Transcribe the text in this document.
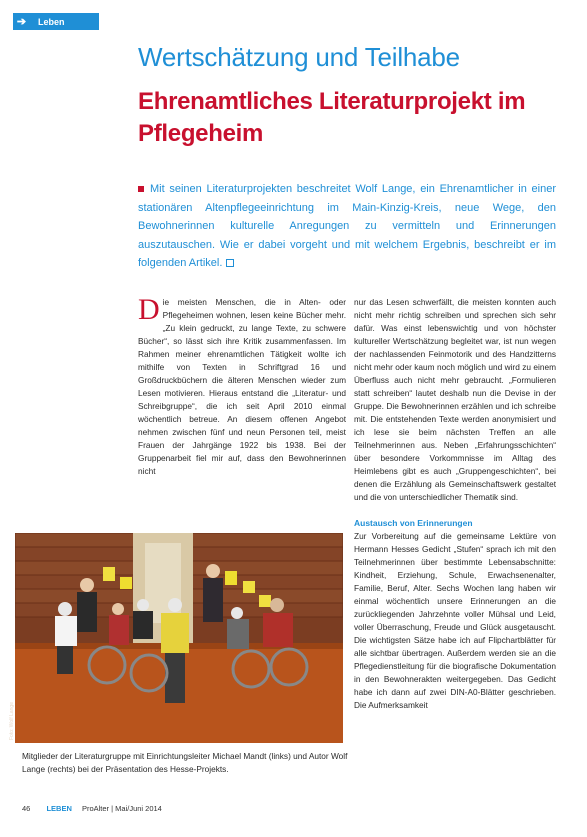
➔	Leben
Wertschätzung und Teilhabe
Ehrenamtliches Literaturprojekt im Pflegeheim
Mit seinen Literaturprojekten beschreitet Wolf Lange, ein Ehrenamtlicher in einer stationären Altenpflegeeinrichtung im Main-Kinzig-Kreis, neue Wege, den Bewohnerinnen kulturelle Anregungen zu vermitteln und Erinnerungen auszutauschen. Wie er dabei vorgeht und mit welchem Ergebnis, beschreibt er im folgenden Artikel.
Die meisten Menschen, die in Alten- oder Pflegeheimen wohnen, lesen keine Bücher mehr. „Zu klein gedruckt, zu lange Texte, zu schwere Bücher“, so lässt sich ihre Kritik zusammenfassen. Im Rahmen meiner ehrenamtlichen Tätigkeit wollte ich mithilfe von Texten in Schriftgrad 16 und Großdruckbüchern die älteren Menschen wieder zum Lesen motivieren. Hieraus entstand die „Literatur- und Schreibgruppe“, die ich seit April 2010 einmal wöchentlich betreue. An diesem offenen Angebot nehmen zwischen fünf und neun Personen teil, meist Frauen der Jahrgänge 1922 bis 1938. Bei der Gruppenarbeit fiel mir auf, dass den Bewohnerinnen nicht
nur das Lesen schwerfällt, die meisten konnten auch nicht mehr richtig schreiben und sprechen sich sehr dafür. Was einst lebenswichtig und von höchster kultureller Wertschätzung begleitet war, ist nun wegen der nachlassenden Feinmotorik und des Handzitterns nicht mehr oder kaum noch möglich und wird zu einem Überfluss auch nicht mehr gebraucht. „Formulieren statt schreiben“ lautet deshalb nun die Devise in der Gruppe. Die Bewohnerinnen erzählen und ich schreibe mit. Die entstehenden Texte werden anonymisiert und ich lese sie beim nächsten Treffen an alle Teilnehmerinnen aus. Neben „Erfahrungsschichten“ über besondere Vorkommnisse im Alltag des Heimlebens gibt es auch „Gruppengeschichten“, bei denen die Erzählung als Gemeinschaftswerk gestaltet und die von unterschiedlicher Thematik sind.
Austausch von Erinnerungen
Zur Vorbereitung auf die gemeinsame Lektüre von Hermann Hesses Gedicht „Stufen“ sprach ich mit den Teilnehmerinnen über bestimmte Lebensabschnitte: Kindheit, Erziehung, Schule, Erwachsenenalter, Familie, Beruf, Alter. Sechs Wochen lang haben wir einmal wöchentlich unsere Erinnerungen an die zurückliegenden Jahrzehnte voller Mühsal und Leid, voller Überraschung, Freude und Glück ausgetauscht. Die wichtigsten Sätze habe ich auf Flipchartblätter für alle sichtbar übertragen. Außerdem werden sie an die Pflegedienstleitung für die biografische Dokumentation in den Bewohnerakten weitergegeben. Das Gedicht habe ich dann auf zwei DIN-A0-Blätter geschrieben. Die Aufmerksamkeit
Foto: Wolf Lange
Mitglieder der Literaturgruppe mit Einrichtungsleiter Michael Mandt (links) und Autor Wolf Lange (rechts) bei der Präsentation des Hesse-Projekts.
46 LEBEN ProAlter | Mai/Juni 2014
